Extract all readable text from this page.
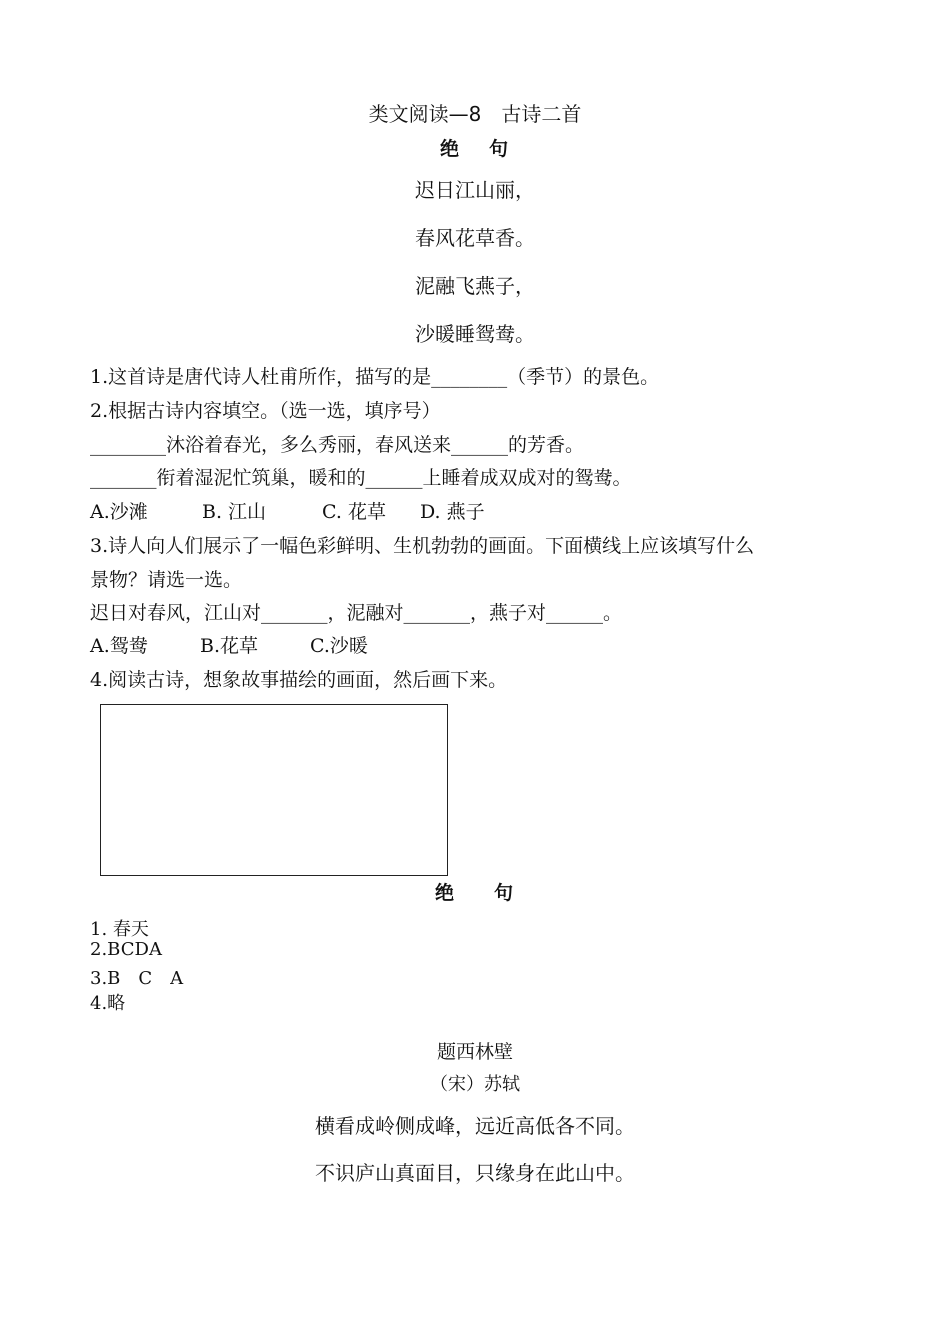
类文阅读—8　古诗二首
绝 句
迟日江山丽，
春风花草香。
泥融飞燕子，
沙暖睡鸳鸯。
1.这首诗是唐代诗人杜甫所作，描写的是________（季节）的景色。
2.根据古诗内容填空。（选一选，填序号）
________沐浴着春光，多么秀丽，春风送来______的芳香。
_______衔着湿泥忙筑巢，暖和的______上睡着成双成对的鸳鸯。
A.沙滩	B. 江山	C. 花草 D. 燕子
3.诗人向人们展示了一幅色彩鲜明、生机勃勃的画面。下面横线上应该填写什么
景物？请选一选。
迟日对春风，江山对_______，泥融对_______，燕子对______。
A.鸳鸯	B.花草	C.沙暖
4.阅读古诗，想象故事描绘的画面，然后画下来。
绝 句
1. 春天
2.BCDA
3.B　C　A
4.略
题西林壁
（宋）苏轼
横看成岭侧成峰，远近高低各不同。
不识庐山真面目，只缘身在此山中。
